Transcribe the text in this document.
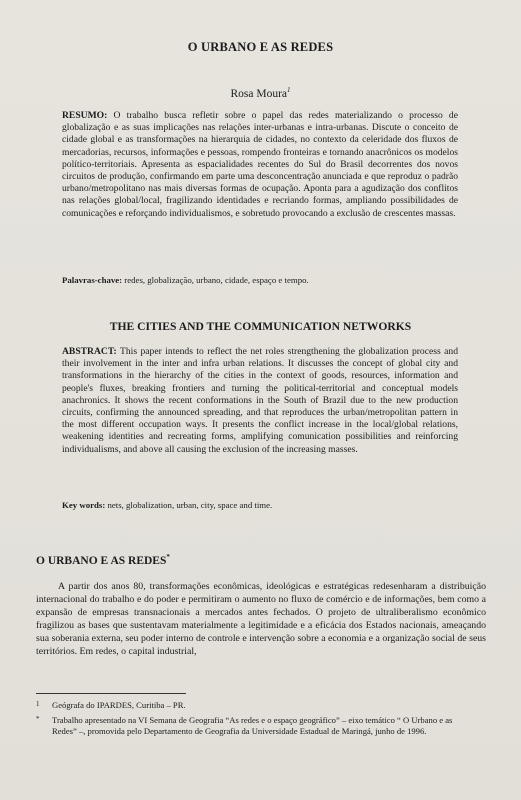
O URBANO E AS REDES
Rosa Moura$^1$
RESUMO: O trabalho busca refletir sobre o papel das redes materializando o processo de globalização e as suas implicações nas relações inter-urbanas e intra-urbanas. Discute o conceito de cidade global e as transformações na hierarquia de cidades, no contexto da celeridade dos fluxos de mercadorias, recursos, informações e pessoas, rompendo fronteiras e tornando anacrônicos os modelos político-territoriais. Apresenta as espacialidades recentes do Sul do Brasil decorrentes dos novos circuitos de produção, confirmando em parte uma desconcentração anunciada e que reproduz o padrão urbano/metropolitano nas mais diversas formas de ocupação. Aponta para a agudização dos conflitos nas relações global/local, fragilizando identidades e recriando formas, ampliando possibilidades de comunicações e reforçando individualismos, e sobretudo provocando a exclusão de crescentes massas.
Palavras-chave: redes, globalização, urbano, cidade, espaço e tempo.
THE CITIES AND THE COMMUNICATION NETWORKS
ABSTRACT: This paper intends to reflect the net roles strengthening the globalization process and their involvement in the inter and infra urban relations. It discusses the concept of global city and transformations in the hierarchy of the cities in the context of goods, resources, information and people's fluxes, breaking frontiers and turning the political-territorial and conceptual models anachronics. It shows the recent conformations in the South of Brazil due to the new production circuits, confirming the announced spreading, and that reproduces the urban/metropolitan pattern in the most different occupation ways. It presents the conflict increase in the local/global relations, weakening identities and recreating forms, amplifying comunication possibilities and reinforcing individualisms, and above all causing the exclusion of the increasing masses.
Key words: nets, globalization, urban, city, space and time.
O URBANO E AS REDES*
A partir dos anos 80, transformações econômicas, ideológicas e estratégicas redesenharam a distribuição internacional do trabalho e do poder e permitiram o aumento no fluxo de comércio e de informações, bem como a expansão de empresas transnacionais a mercados antes fechados. O projeto de ultraliberalismo econômico fragilizou as bases que sustentavam materialmente a legitimidade e a eficácia dos Estados nacionais, ameaçando sua soberania externa, seu poder interno de controle e intervenção sobre a economia e a organização social de seus territórios. Em redes, o capital industrial,
1 Geógrafa do IPARDES, Curitiba – PR.
* Trabalho apresentado na VI Semana de Geografia “As redes e o espaço geográfico” – eixo temático “ O Urbano e as Redes” –, promovida pelo Departamento de Geografia da Universidade Estadual de Maringá, junho de 1996.
